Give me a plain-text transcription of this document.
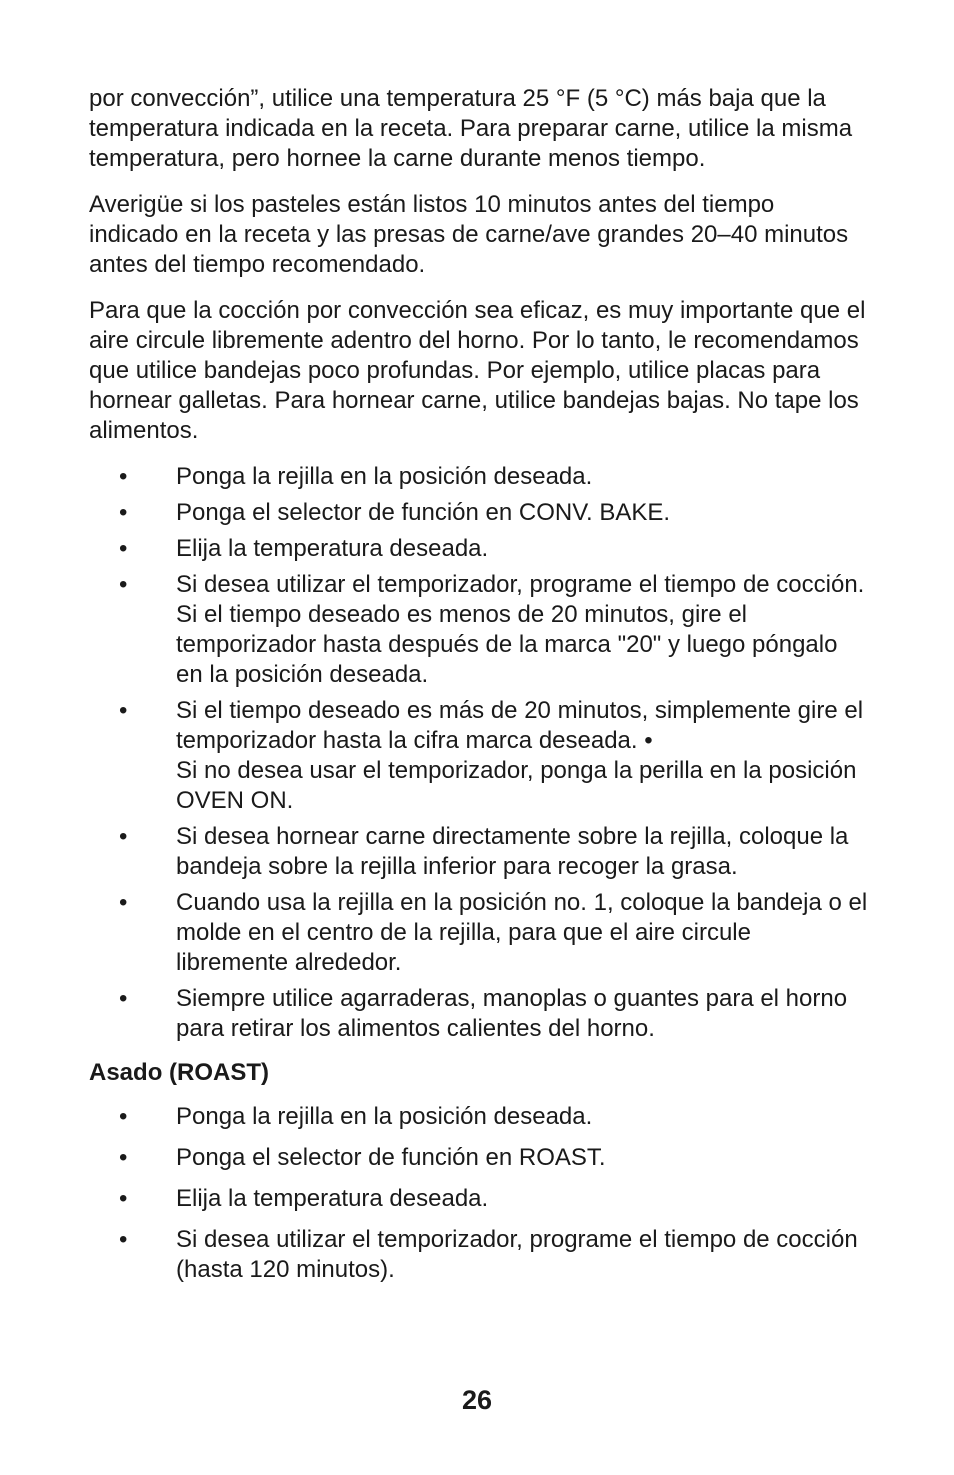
por convección”, utilice una temperatura 25 °F (5 °C) más baja que la temperatura indicada en la receta. Para preparar carne, utilice la misma temperatura, pero hornee la carne durante menos tiempo.

Averigüe si los pasteles están listos 10 minutos antes del tiempo indicado en la receta y las presas de carne/ave grandes 20–40 minutos antes del tiempo recomendado.

Para que la cocción por convección sea eficaz, es muy importante que el aire circule libremente adentro del horno. Por lo tanto, le recomendamos que utilice bandejas poco profundas. Por ejemplo, utilice placas para hornear galletas. Para hornear carne, utilice bandejas bajas. No tape los alimentos.

• Ponga la rejilla en la posición deseada.
• Ponga el selector de función en CONV. BAKE.
• Elija la temperatura deseada.
• Si desea utilizar el temporizador, programe el tiempo de cocción. Si el tiempo deseado es menos de 20 minutos, gire el temporizador hasta después de la marca "20" y luego póngalo en la posición deseada.
• Si el tiempo deseado es más de 20 minutos, simplemente gire el temporizador hasta la cifra marca deseada. •
Si no desea usar el temporizador, ponga la perilla en la posición OVEN ON.
• Si desea hornear carne directamente sobre la rejilla, coloque la bandeja sobre la rejilla inferior para recoger la grasa.
• Cuando usa la rejilla en la posición no. 1, coloque la bandeja o el molde en el centro de la rejilla, para que el aire circule libremente alrededor.
• Siempre utilice agarraderas, manoplas o guantes para el horno para retirar los alimentos calientes del horno.
Asado (ROAST)
• Ponga la rejilla en la posición deseada.
• Ponga el selector de función en ROAST.
• Elija la temperatura deseada.
• Si desea utilizar el temporizador, programe el tiempo de cocción (hasta 120 minutos).
26
